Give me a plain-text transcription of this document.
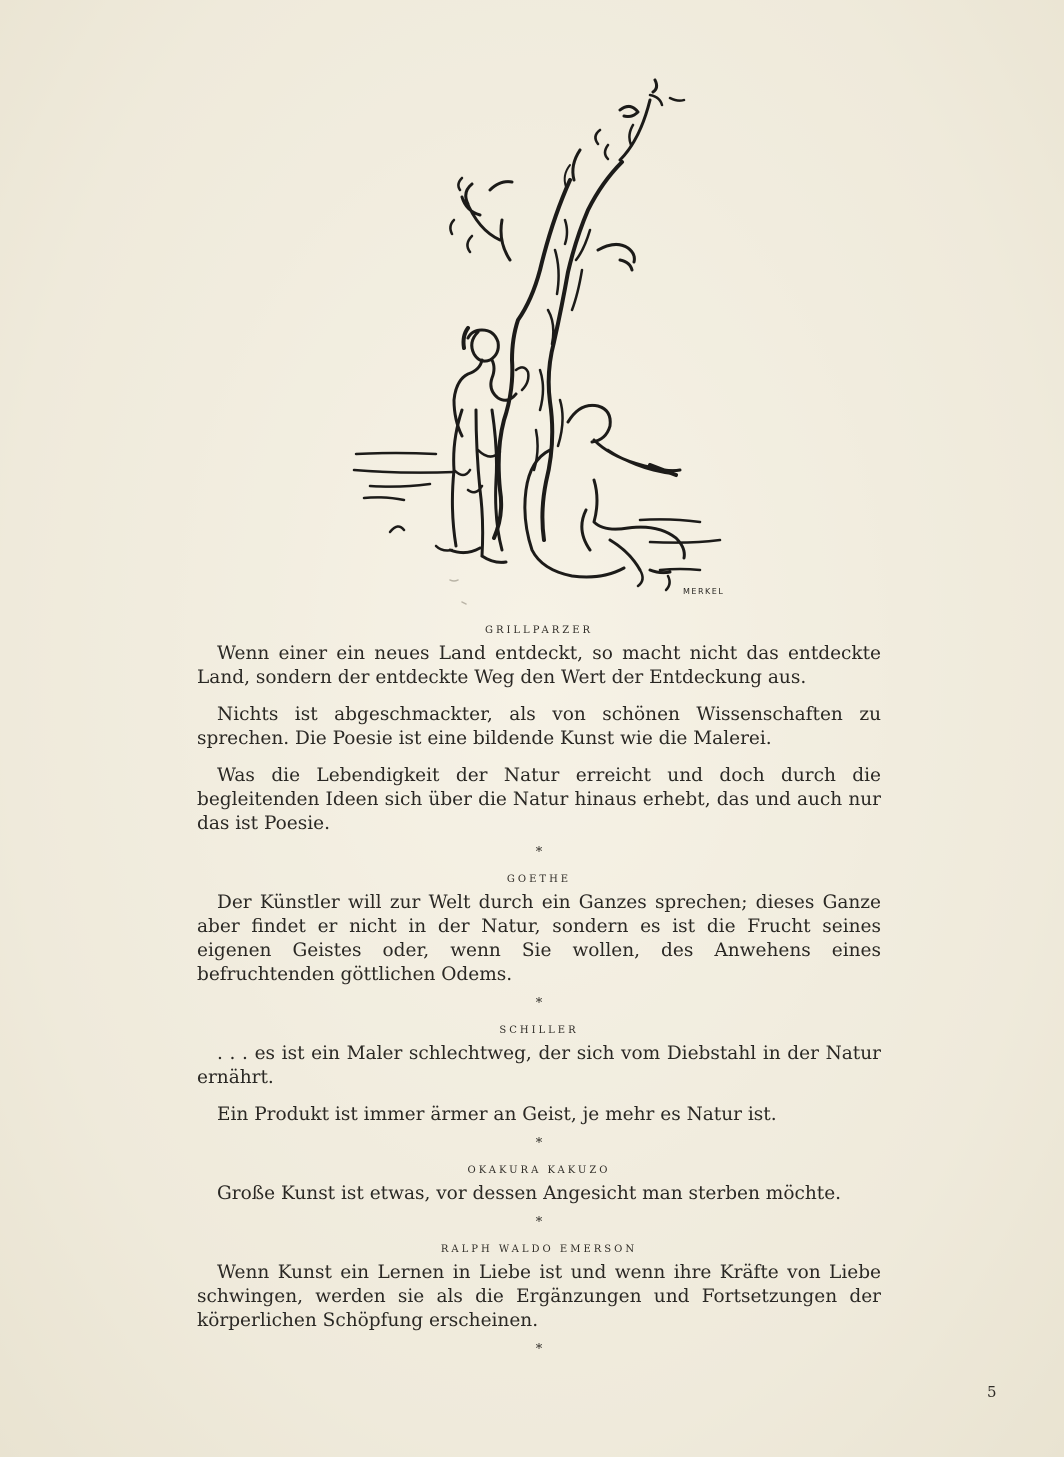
MERKEL
GRILLPARZER

Wenn einer ein neues Land entdeckt, so macht nicht das entdeckte Land, sondern der entdeckte Weg den Wert der Entdeckung aus.

Nichts ist abgeschmackter, als von schönen Wissenschaften zu sprechen. Die Poesie ist eine bildende Kunst wie die Malerei.

Was die Lebendigkeit der Natur erreicht und doch durch die begleitenden Ideen sich über die Natur hinaus erhebt, das und auch nur das ist Poesie.

*
GOETHE

Der Künstler will zur Welt durch ein Ganzes sprechen; dieses Ganze aber findet er nicht in der Natur, sondern es ist die Frucht seines eigenen Geistes oder, wenn Sie wollen, des Anwehens eines befruchtenden göttlichen Odems.

*
SCHILLER

. . . es ist ein Maler schlechtweg, der sich vom Diebstahl in der Natur ernährt.

Ein Produkt ist immer ärmer an Geist, je mehr es Natur ist.

*
OKAKURA KAKUZO

Große Kunst ist etwas, vor dessen Angesicht man sterben möchte.

*
RALPH WALDO EMERSON

Wenn Kunst ein Lernen in Liebe ist und wenn ihre Kräfte von Liebe schwingen, werden sie als die Ergänzungen und Fortsetzungen der körperlichen Schöpfung erscheinen.

*
5
